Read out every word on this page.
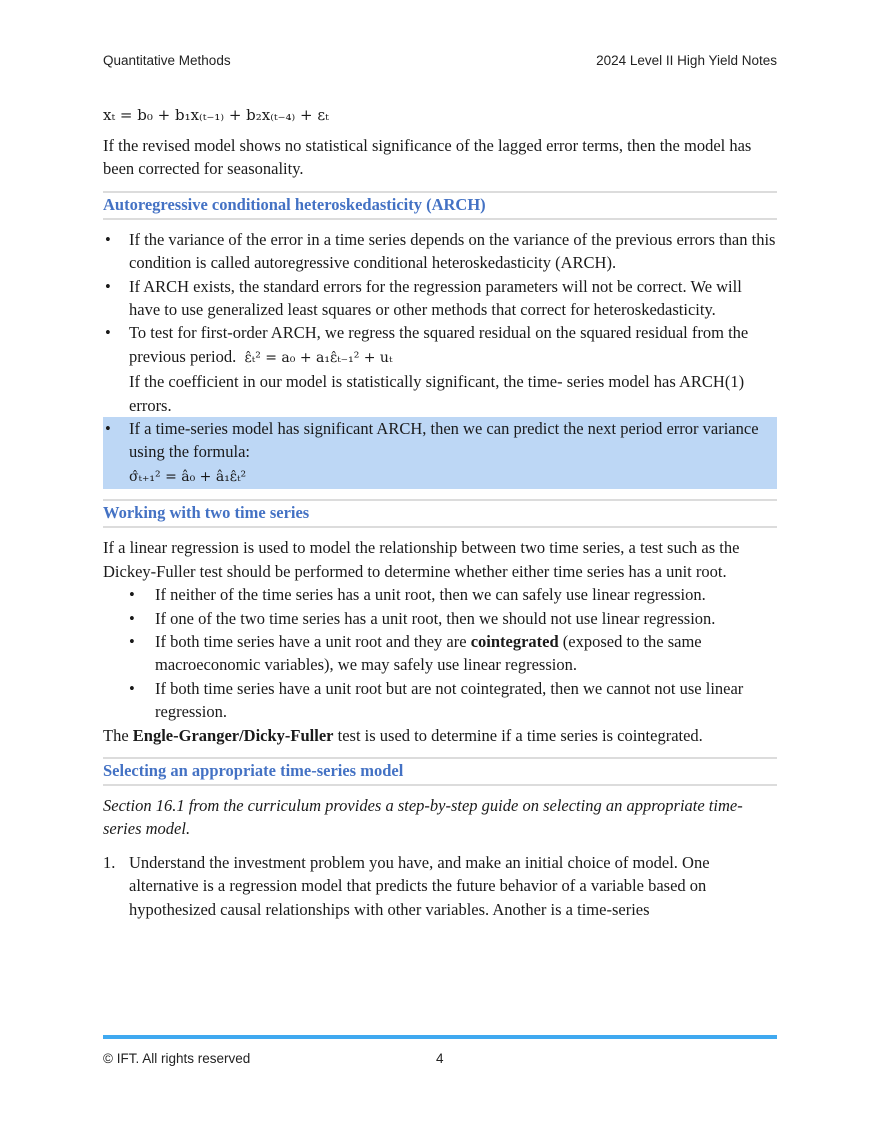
Quantitative Methods	2024 Level II High Yield Notes
xₜ = b₀ + b₁x₍ₜ₋₁₎ + b₂x₍ₜ₋₄₎ + εₜ

If the revised model shows no statistical significance of the lagged error terms, then the model has been corrected for seasonality.

Autoregressive conditional heteroskedasticity (ARCH)
• If the variance of the error in a time series depends on the variance of the previous errors than this condition is called autoregressive conditional heteroskedasticity (ARCH).
• If ARCH exists, the standard errors for the regression parameters will not be correct. We will have to use generalized least squares or other methods that correct for heteroskedasticity.
• To test for first-order ARCH, we regress the squared residual on the squared residual from the previous period. ε̂ₜ² = a₀ + a₁ε̂ₜ₋₁² + uₜ
If the coefficient in our model is statistically significant, the time- series model has ARCH(1) errors.
• If a time-series model has significant ARCH, then we can predict the next period error variance using the formula:
σ̂ₜ₊₁² = â₀ + â₁ε̂ₜ²
Working with two time series

If a linear regression is used to model the relationship between two time series, a test such as the Dickey-Fuller test should be performed to determine whether either time series has a unit root.

• If neither of the time series has a unit root, then we can safely use linear regression.
• If one of the two time series has a unit root, then we should not use linear regression.
• If both time series have a unit root and they are cointegrated (exposed to the same macroeconomic variables), we may safely use linear regression.
• If both time series have a unit root but are not cointegrated, then we cannot not use linear regression.

The Engle-Granger/Dicky-Fuller test is used to determine if a time series is cointegrated.

Selecting an appropriate time-series model

Section 16.1 from the curriculum provides a step-by-step guide on selecting an appropriate time-series model.

1. Understand the investment problem you have, and make an initial choice of model. One alternative is a regression model that predicts the future behavior of a variable based on hypothesized causal relationships with other variables. Another is a time-series
© IFT. All rights reserved	4
